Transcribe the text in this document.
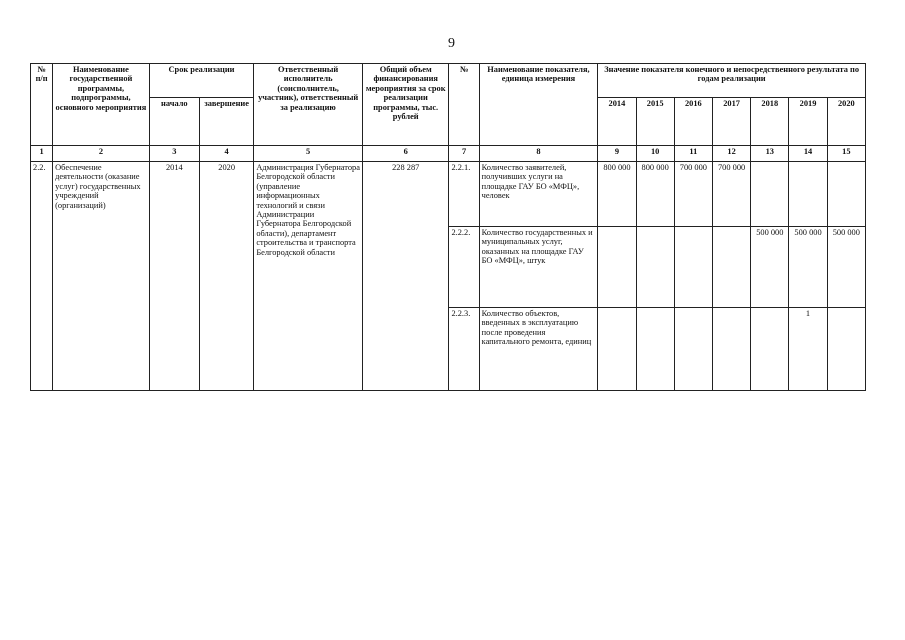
9
№ п/п	Наименование государственной программы, подпрограммы, основного мероприятия	Срок реализации		Ответственный исполнитель (соисполнитель, участник), ответственный за реализацию	Общий объем финансирования мероприятия за срок реализации программы, тыс. рублей	№	Наименование показателя, единица измерения	Значение показателя конечного и непосредственного результата по годам реализации						
		начало	завершение					2014	2015	2016	2017	2018	2019	2020
1	2	3	4	5	6	7	8	9	10	11	12	13	14	15
2.2.	Обеспечение деятельности (оказание услуг) государственных учреждений (организаций)	2014	2020	Администрация Губернатора Белгородской области (управление информационных технологий и связи Администрации Губернатора Белгородской области), департамент строительства и транспорта Белгородской области	228 287	2.2.1.	Количество заявителей, получивших услуги на площадке ГАУ БО «МФЦ», человек	800 000	800 000	700 000	700 000			
						2.2.2.	Количество государственных и муниципальных услуг, оказанных на площадке ГАУ БО «МФЦ», штук					500 000	500 000	500 000
						2.2.3.	Количество объектов, введенных в эксплуатацию после проведения капитального ремонта, единиц						1	
